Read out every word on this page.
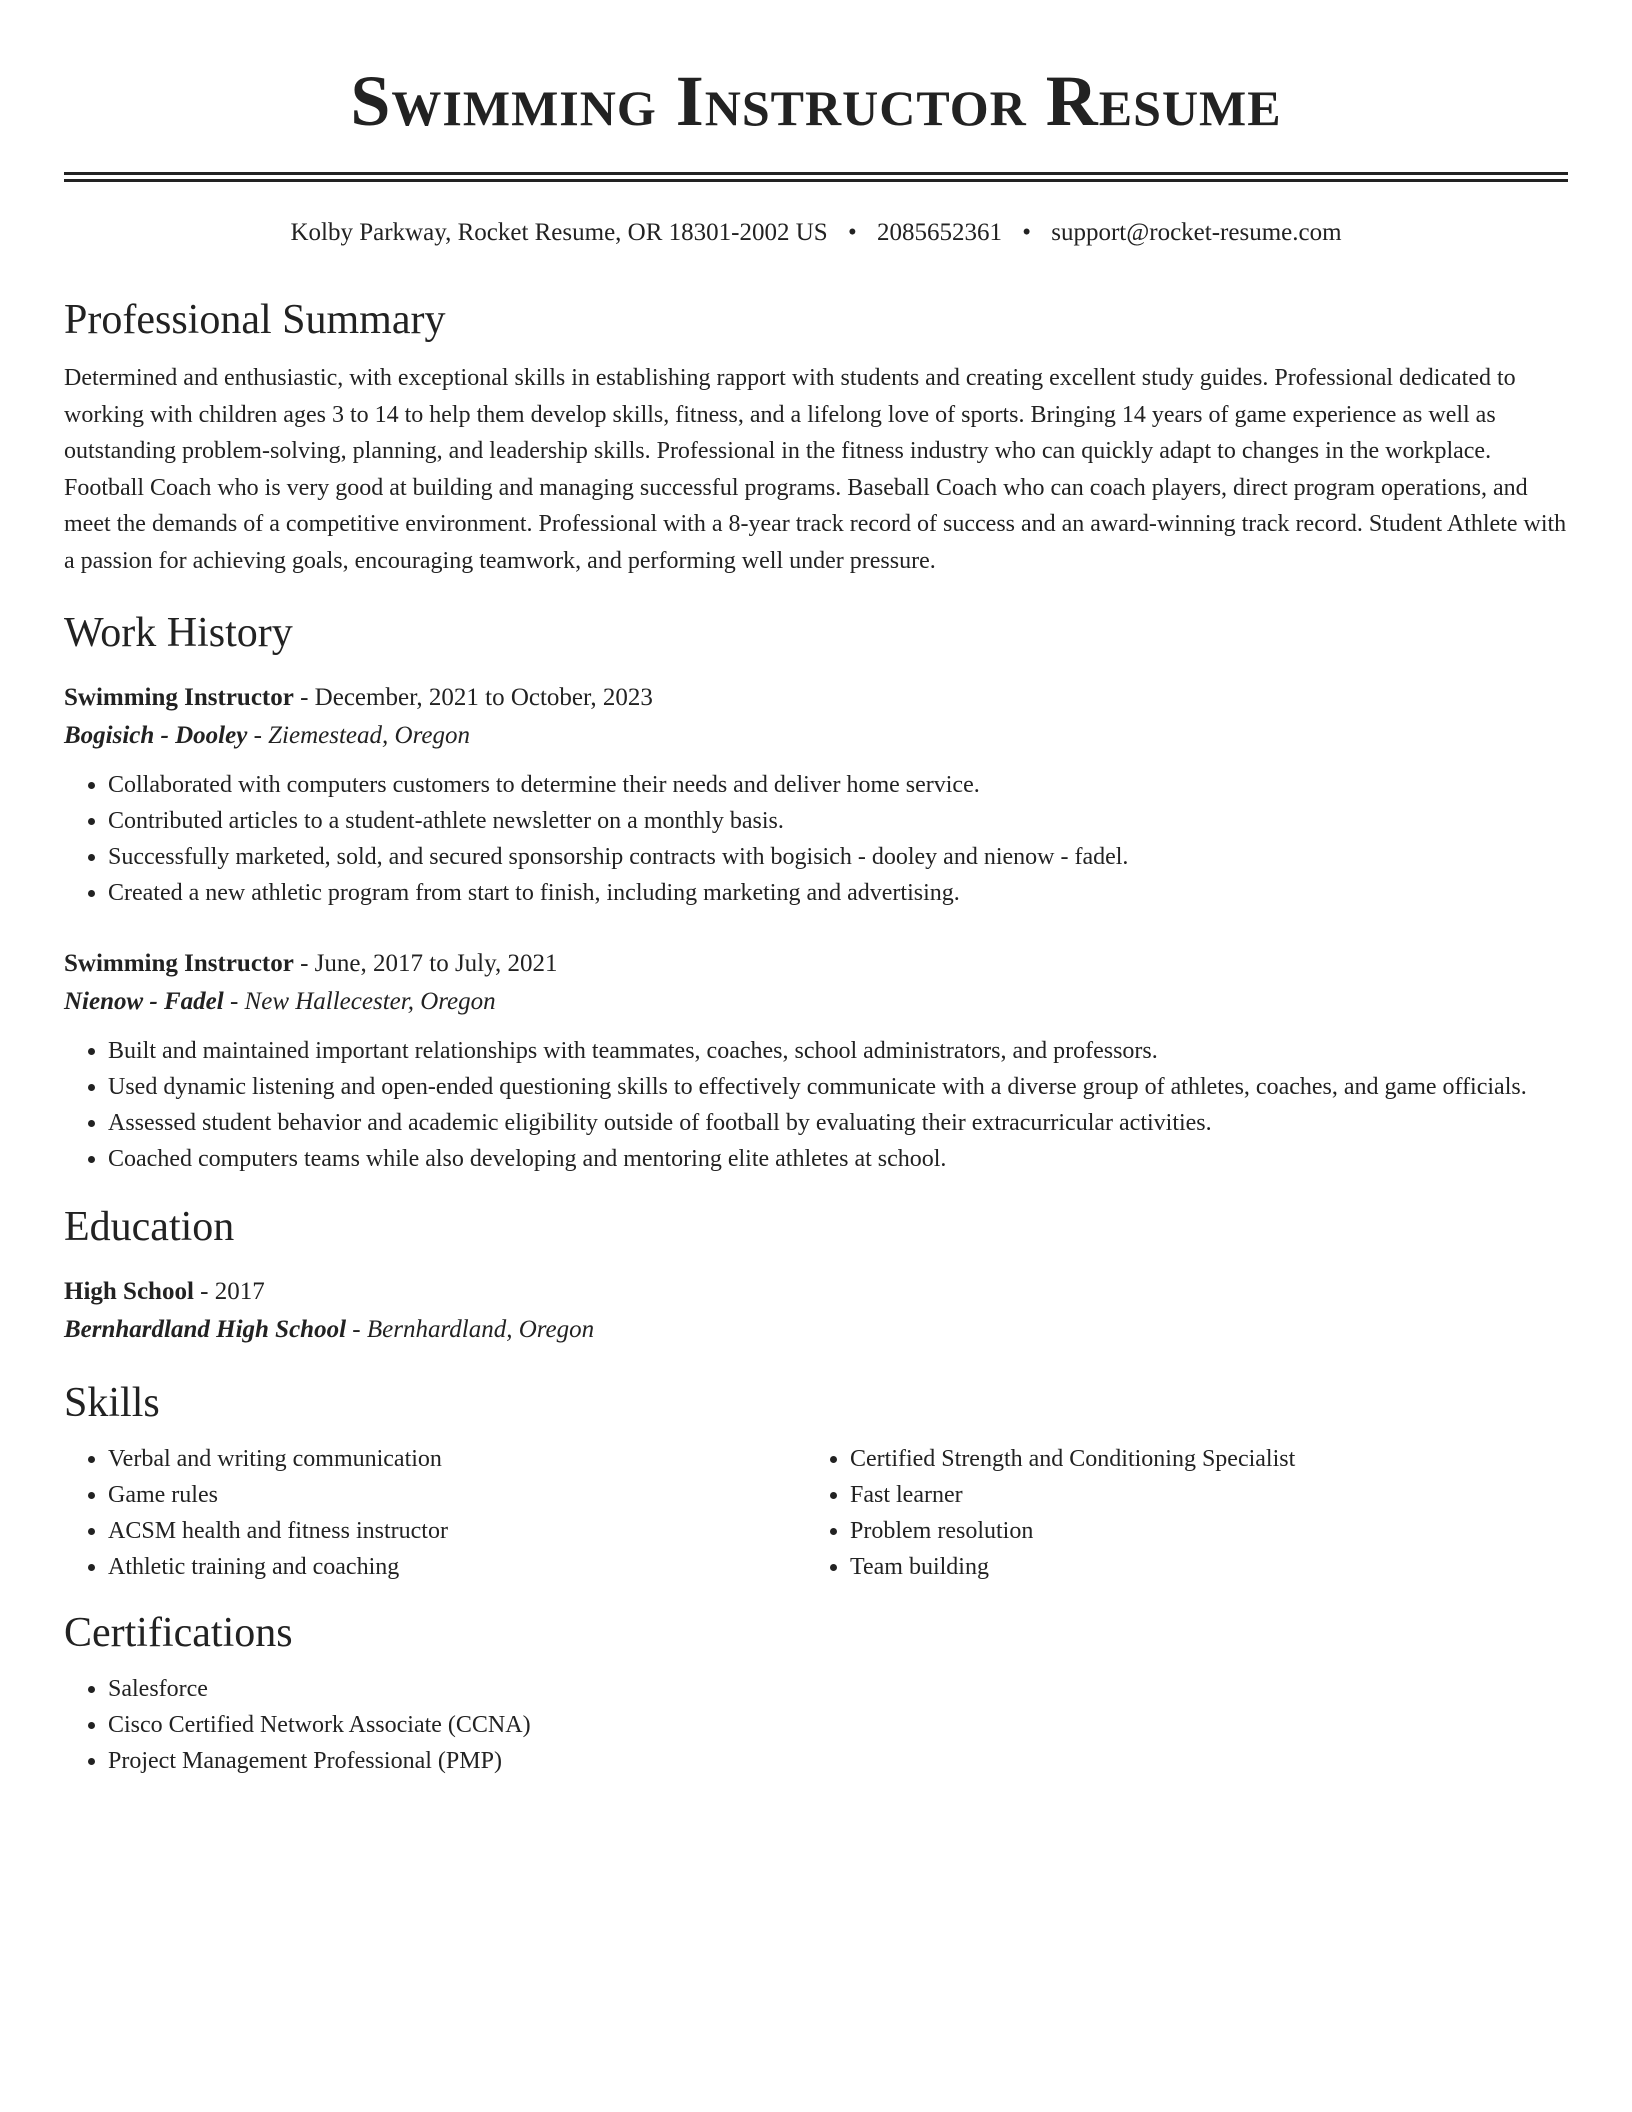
Swimming Instructor Resume
Kolby Parkway, Rocket Resume, OR 18301-2002 US • 2085652361 • support@rocket-resume.com
Professional Summary
Determined and enthusiastic, with exceptional skills in establishing rapport with students and creating excellent study guides. Professional dedicated to working with children ages 3 to 14 to help them develop skills, fitness, and a lifelong love of sports. Bringing 14 years of game experience as well as outstanding problem-solving, planning, and leadership skills. Professional in the fitness industry who can quickly adapt to changes in the workplace. Football Coach who is very good at building and managing successful programs. Baseball Coach who can coach players, direct program operations, and meet the demands of a competitive environment. Professional with a 8-year track record of success and an award-winning track record. Student Athlete with a passion for achieving goals, encouraging teamwork, and performing well under pressure.
Work History
Swimming Instructor - December, 2021 to October, 2023
Bogisich - Dooley - Ziemestead, Oregon
• Collaborated with computers customers to determine their needs and deliver home service.
• Contributed articles to a student-athlete newsletter on a monthly basis.
• Successfully marketed, sold, and secured sponsorship contracts with bogisich - dooley and nienow - fadel.
• Created a new athletic program from start to finish, including marketing and advertising.
Swimming Instructor - June, 2017 to July, 2021
Nienow - Fadel - New Hallecester, Oregon
• Built and maintained important relationships with teammates, coaches, school administrators, and professors.
• Used dynamic listening and open-ended questioning skills to effectively communicate with a diverse group of athletes, coaches, and game officials.
• Assessed student behavior and academic eligibility outside of football by evaluating their extracurricular activities.
• Coached computers teams while also developing and mentoring elite athletes at school.
Education
High School - 2017
Bernhardland High School - Bernhardland, Oregon
Skills
• Verbal and writing communication
• Game rules
• ACSM health and fitness instructor
• Athletic training and coaching
• Certified Strength and Conditioning Specialist
• Fast learner
• Problem resolution
• Team building
Certifications
• Salesforce
• Cisco Certified Network Associate (CCNA)
• Project Management Professional (PMP)
